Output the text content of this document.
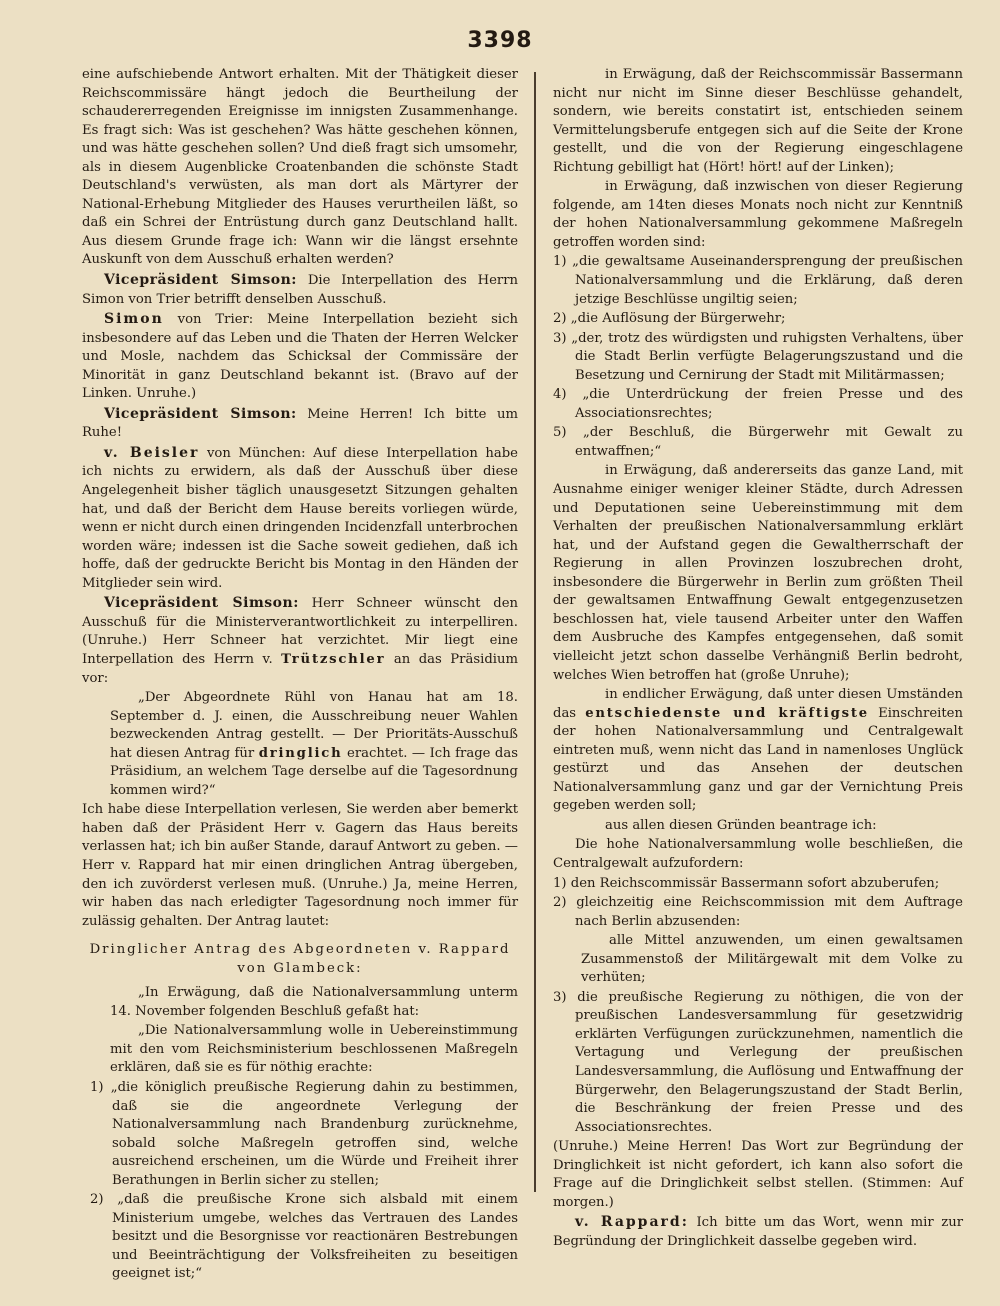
3398

eine aufschiebende Antwort erhalten. Mit der Thätigkeit dieser Reichscommissäre hängt jedoch die Beurtheilung der schaudererregenden Ereignisse im innigsten Zusammenhange. Es fragt sich: Was ist geschehen? Was hätte geschehen können, und was hätte geschehen sollen? Und dieß fragt sich umsomehr, als in diesem Augenblicke Croatenbanden die schönste Stadt Deutschland's verwüsten, als man dort als Märtyrer der National-Erhebung Mitglieder des Hauses verurtheilen läßt, so daß ein Schrei der Entrüstung durch ganz Deutschland hallt. Aus diesem Grunde frage ich: Wann wir die längst ersehnte Auskunft von dem Ausschuß erhalten werden?

Vicepräsident Simson: Die Interpellation des Herrn Simon von Trier betrifft denselben Ausschuß.

Simon von Trier: Meine Interpellation bezieht sich insbesondere auf das Leben und die Thaten der Herren Welcker und Mosle, nachdem das Schicksal der Commissäre der Minorität in ganz Deutschland bekannt ist. (Bravo auf der Linken. Unruhe.)

Vicepräsident Simson: Meine Herren! Ich bitte um Ruhe!

v. Beisler von München: Auf diese Interpellation habe ich nichts zu erwidern, als daß der Ausschuß über diese Angelegenheit bisher täglich unausgesetzt Sitzungen gehalten hat, und daß der Bericht dem Hause bereits vorliegen würde, wenn er nicht durch einen dringenden Incidenzfall unterbrochen worden wäre; indessen ist die Sache soweit gediehen, daß ich hoffe, daß der gedruckte Bericht bis Montag in den Händen der Mitglieder sein wird.

Vicepräsident Simson: Herr Schneer wünscht den Ausschuß für die Ministerverantwortlichkeit zu interpelliren. (Unruhe.) Herr Schneer hat verzichtet. Mir liegt eine Interpellation des Herrn v. Trützschler an das Präsidium vor:

„Der Abgeordnete Rühl von Hanau hat am 18. September d. J. einen, die Ausschreibung neuer Wahlen bezweckenden Antrag gestellt. — Der Prioritäts-Ausschuß hat diesen Antrag für dringlich erachtet. — Ich frage das Präsidium, an welchem Tage derselbe auf die Tagesordnung kommen wird?“

Ich habe diese Interpellation verlesen, Sie werden aber bemerkt haben daß der Präsident Herr v. Gagern das Haus bereits verlassen hat; ich bin außer Stande, darauf Antwort zu geben. — Herr v. Rappard hat mir einen dringlichen Antrag übergeben, den ich zuvörderst verlesen muß. (Unruhe.) Ja, meine Herren, wir haben das nach erledigter Tagesordnung noch immer für zulässig gehalten. Der Antrag lautet:

Dringlicher Antrag des Abgeordneten v. Rappard von Glambeck:

„In Erwägung, daß die Nationalversammlung unterm 14. November folgenden Beschluß gefaßt hat:

„Die Nationalversammlung wolle in Uebereinstimmung mit den vom Reichsministerium beschlossenen Maßregeln erklären, daß sie es für nöthig erachte:

1) „die königlich preußische Regierung dahin zu bestimmen, daß sie die angeordnete Verlegung der Nationalversammlung nach Brandenburg zurücknehme, sobald solche Maßregeln getroffen sind, welche ausreichend erscheinen, um die Würde und Freiheit ihrer Berathungen in Berlin sicher zu stellen;

2) „daß die preußische Krone sich alsbald mit einem Ministerium umgebe, welches das Vertrauen des Landes besitzt und die Besorgnisse vor reactionären Bestrebungen und Beeinträchtigung der Volksfreiheiten zu beseitigen geeignet ist;“

in Erwägung, daß der Reichscommissär Bassermann nicht nur nicht im Sinne dieser Beschlüsse gehandelt, sondern, wie bereits constatirt ist, entschieden seinem Vermittelungsberufe entgegen sich auf die Seite der Krone gestellt, und die von der Regierung eingeschlagene Richtung gebilligt hat (Hört! hört! auf der Linken);

in Erwägung, daß inzwischen von dieser Regierung folgende, am 14ten dieses Monats noch nicht zur Kenntniß der hohen Nationalversammlung gekommene Maßregeln getroffen worden sind:

1) „die gewaltsame Auseinandersprengung der preußischen Nationalversammlung und die Erklärung, daß deren jetzige Beschlüsse ungiltig seien;

2) „die Auflösung der Bürgerwehr;

3) „der, trotz des würdigsten und ruhigsten Verhaltens, über die Stadt Berlin verfügte Belagerungszustand und die Besetzung und Cernirung der Stadt mit Militärmassen;

4) „die Unterdrückung der freien Presse und des Associationsrechtes;

5) „der Beschluß, die Bürgerwehr mit Gewalt zu entwaffnen;“

in Erwägung, daß andererseits das ganze Land, mit Ausnahme einiger weniger kleiner Städte, durch Adressen und Deputationen seine Uebereinstimmung mit dem Verhalten der preußischen Nationalversammlung erklärt hat, und der Aufstand gegen die Gewaltherrschaft der Regierung in allen Provinzen loszubrechen droht, insbesondere die Bürgerwehr in Berlin zum größten Theil der gewaltsamen Entwaffnung Gewalt entgegenzusetzen beschlossen hat, viele tausend Arbeiter unter den Waffen dem Ausbruche des Kampfes entgegensehen, daß somit vielleicht jetzt schon dasselbe Verhängniß Berlin bedroht, welches Wien betroffen hat (große Unruhe);

in endlicher Erwägung, daß unter diesen Umständen das entschiedenste und kräftigste Einschreiten der hohen Nationalversammlung und Centralgewalt eintreten muß, wenn nicht das Land in namenloses Unglück gestürzt und das Ansehen der deutschen Nationalversammlung ganz und gar der Vernichtung Preis gegeben werden soll;

aus allen diesen Gründen beantrage ich:

Die hohe Nationalversammlung wolle beschließen, die Centralgewalt aufzufordern:

1) den Reichscommissär Bassermann sofort abzuberufen;

2) gleichzeitig eine Reichscommission mit dem Auftrage nach Berlin abzusenden:

alle Mittel anzuwenden, um einen gewaltsamen Zusammenstoß der Militärgewalt mit dem Volke zu verhüten;

3) die preußische Regierung zu nöthigen, die von der preußischen Landesversammlung für gesetzwidrig erklärten Verfügungen zurückzunehmen, namentlich die Vertagung und Verlegung der preußischen Landesversammlung, die Auflösung und Entwaffnung der Bürgerwehr, den Belagerungszustand der Stadt Berlin, die Beschränkung der freien Presse und des Associationsrechtes.

(Unruhe.) Meine Herren! Das Wort zur Begründung der Dringlichkeit ist nicht gefordert, ich kann also sofort die Frage auf die Dringlichkeit selbst stellen. (Stimmen: Auf morgen.)

v. Rappard: Ich bitte um das Wort, wenn mir zur Begründung der Dringlichkeit dasselbe gegeben wird.
